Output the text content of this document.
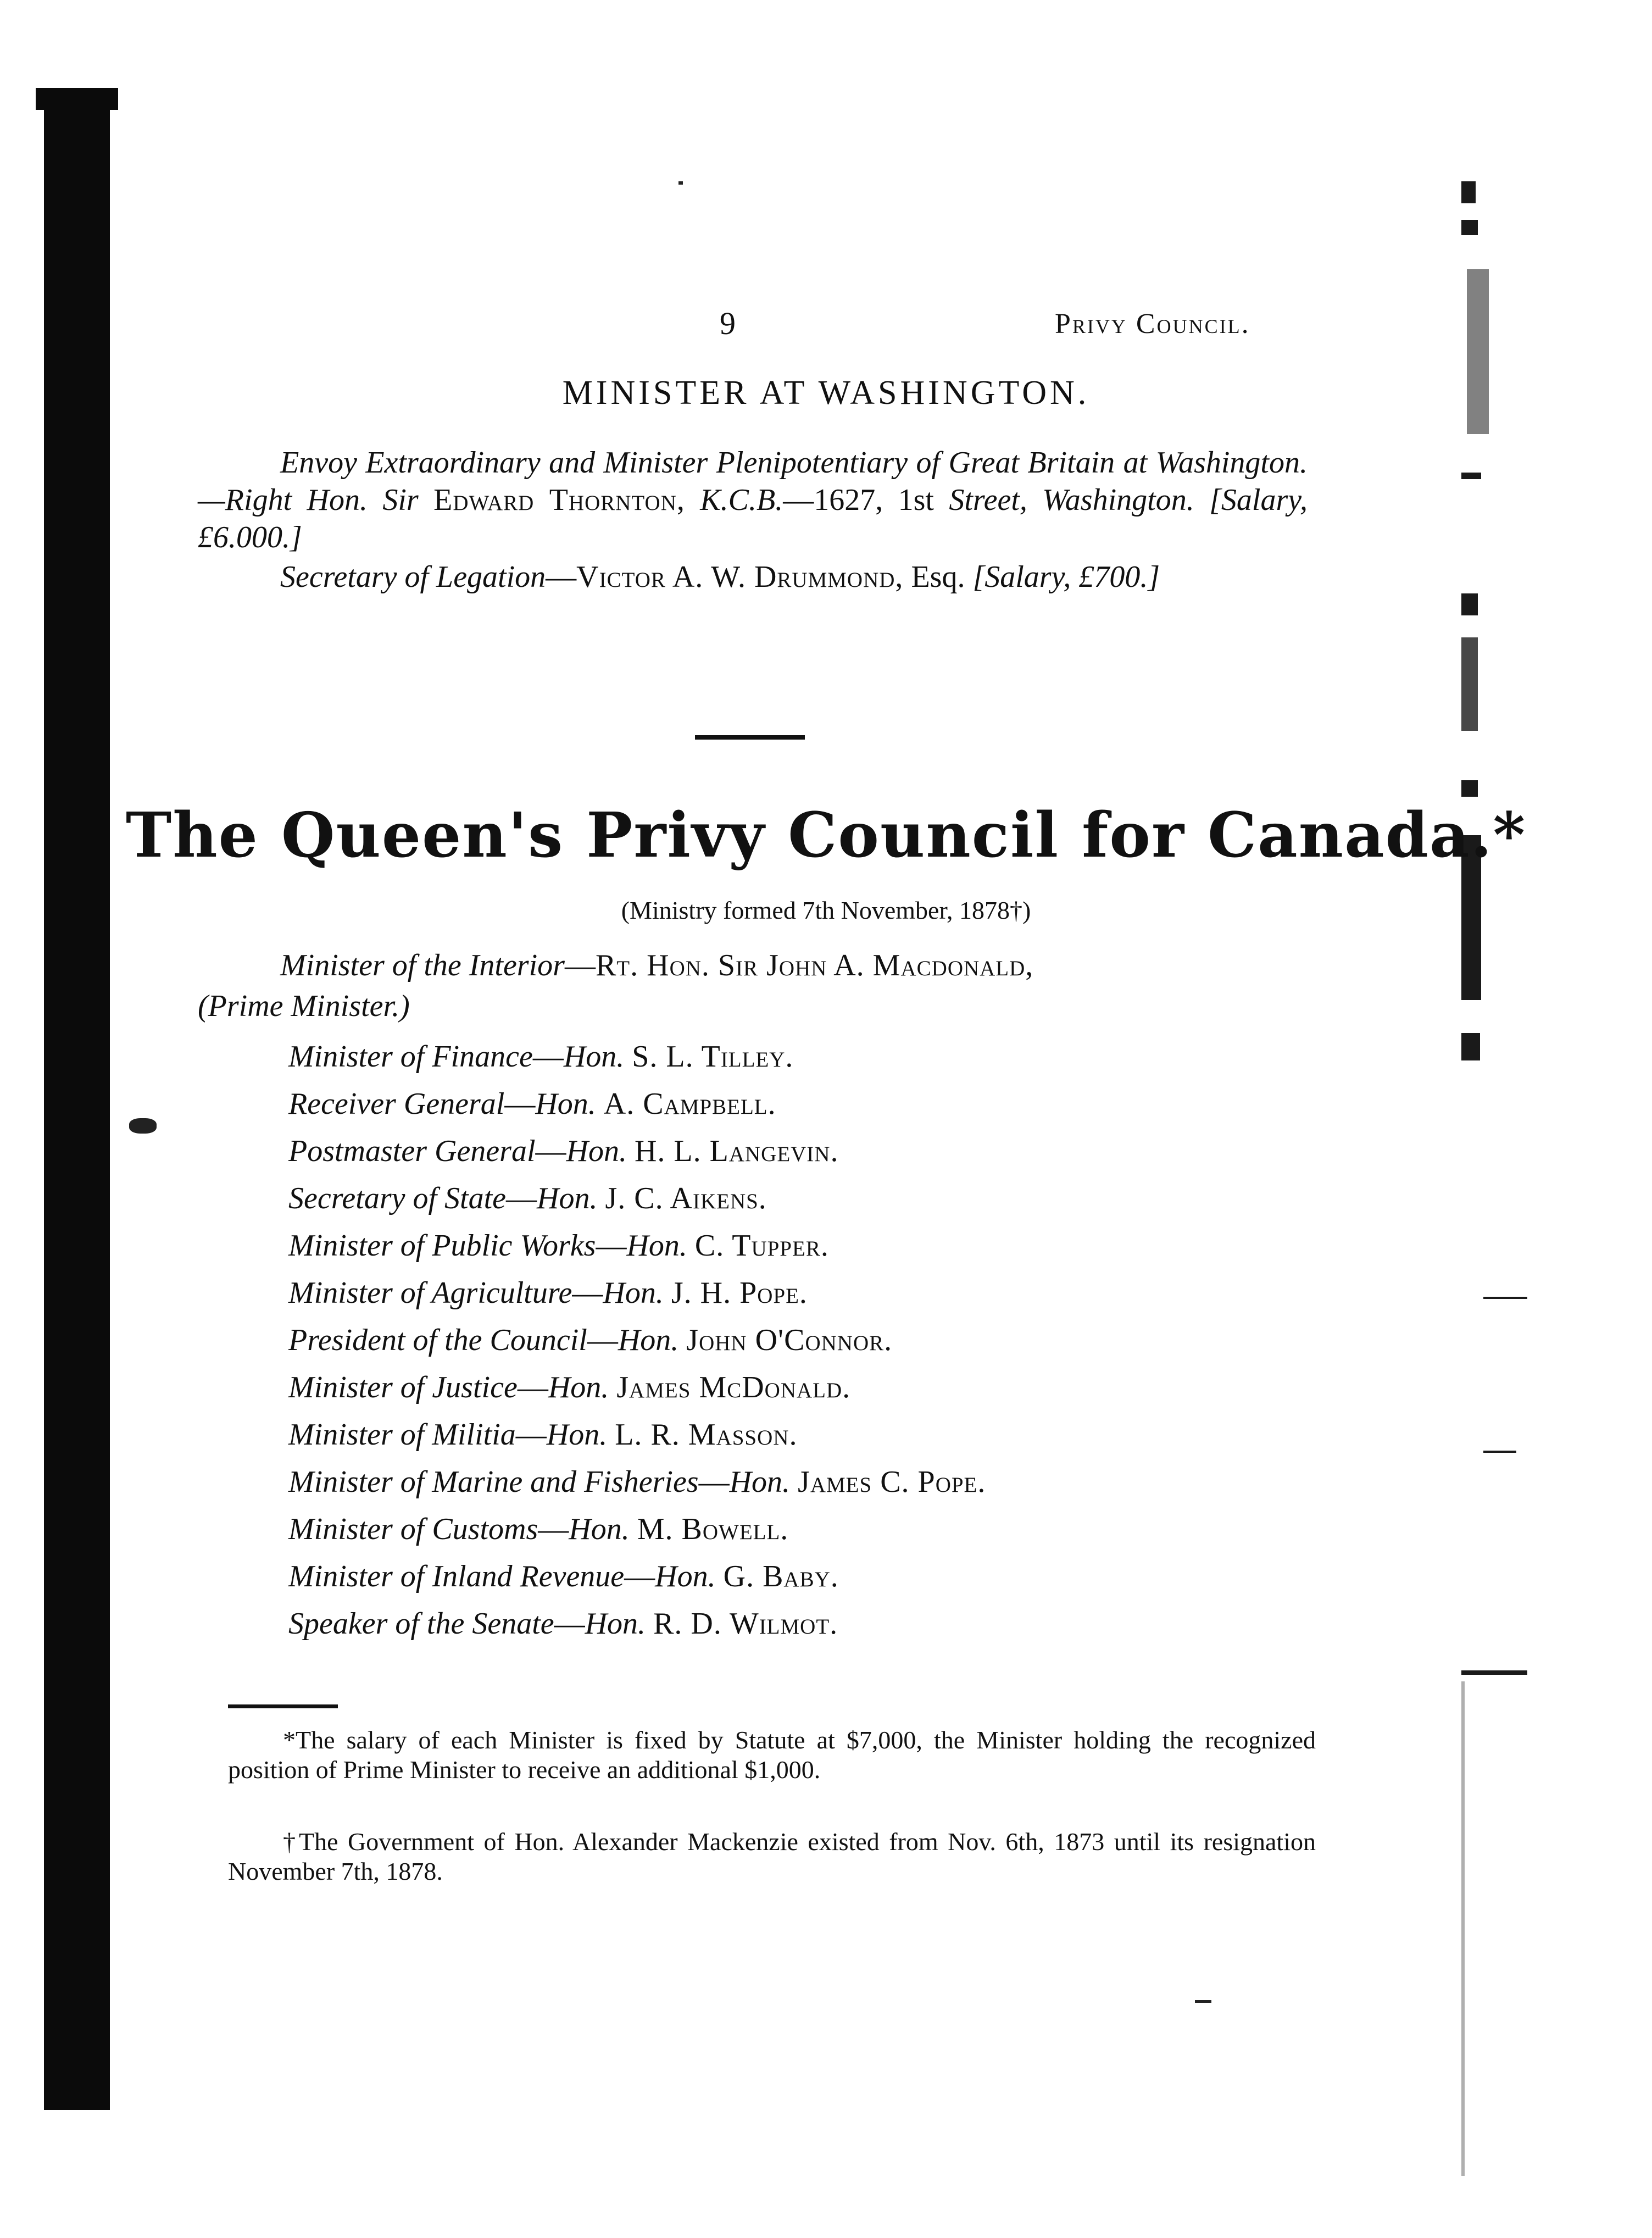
9	Privy Council.
MINISTER AT WASHINGTON.
Envoy Extraordinary and Minister Plenipotentiary of Great Britain at Washington.—Right Hon. Sir Edward Thornton, K.C.B.—1627, 1st Street, Washington. [Salary, £6.000.]
Secretary of Legation—Victor A. W. Drummond, Esq. [Salary, £700.]
The Queen's Privy Council for Canada.*
(Ministry formed 7th November, 1878†)
Minister of the Interior—Rt. Hon. Sir John A. Macdonald,
(Prime Minister.)
Minister of Finance—Hon. S. L. Tilley.
Receiver General—Hon. A. Campbell.
Postmaster General—Hon. H. L. Langevin.
Secretary of State—Hon. J. C. Aikens.
Minister of Public Works—Hon. C. Tupper.
Minister of Agriculture—Hon. J. H. Pope.
President of the Council—Hon. John O'Connor.
Minister of Justice—Hon. James McDonald.
Minister of Militia—Hon. L. R. Masson.
Minister of Marine and Fisheries—Hon. James C. Pope.
Minister of Customs—Hon. M. Bowell.
Minister of Inland Revenue—Hon. G. Baby.
Speaker of the Senate—Hon. R. D. Wilmot.
*The salary of each Minister is fixed by Statute at $7,000, the Minister holding the recognized position of Prime Minister to receive an additional $1,000.
†The Government of Hon. Alexander Mackenzie existed from Nov. 6th, 1873 until its resignation November 7th, 1878.
